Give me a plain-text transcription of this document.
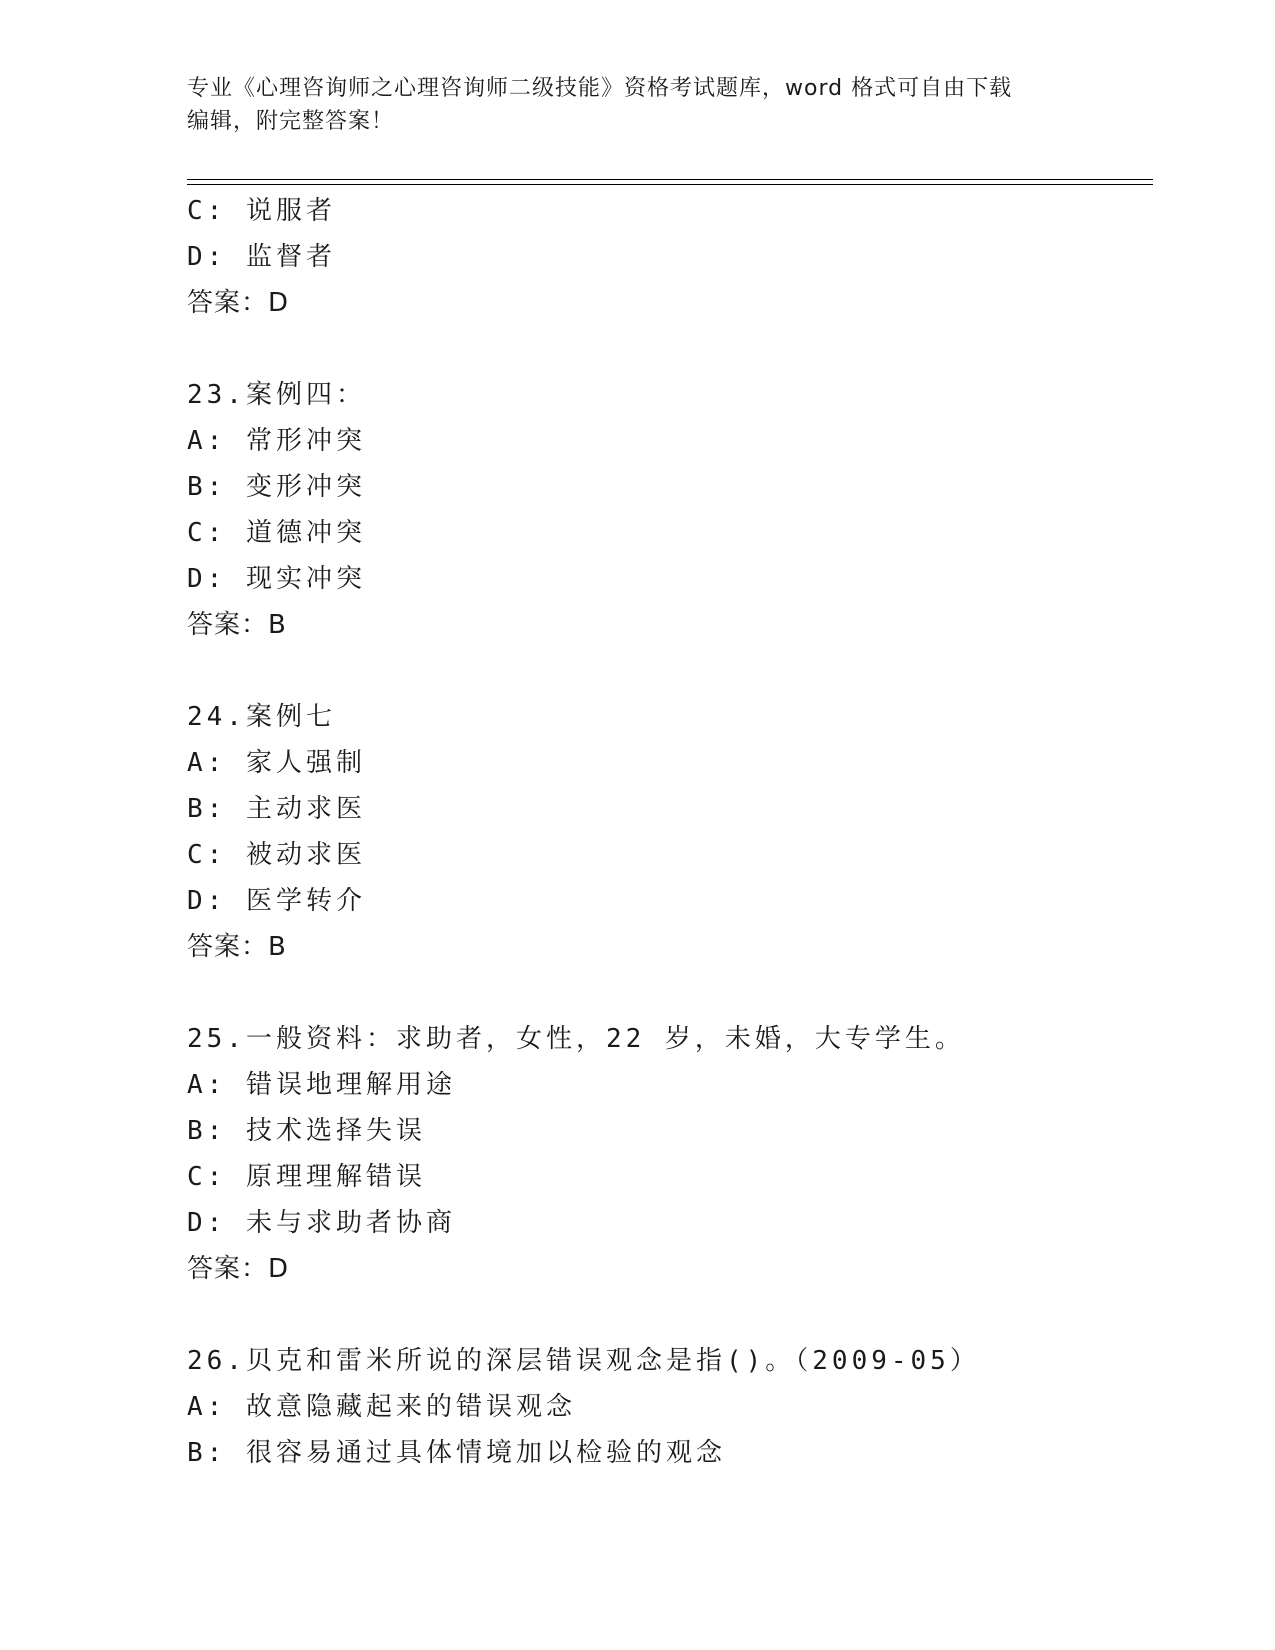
专业《心理咨询师之心理咨询师二级技能》资格考试题库，word 格式可自由下载
编辑，附完整答案！
C: 说服者
D: 监督者
答案：D
23.案例四：
A: 常形冲突
B: 变形冲突
C: 道德冲突
D: 现实冲突
答案：B
24.案例七
A: 家人强制
B: 主动求医
C: 被动求医
D: 医学转介
答案：B
25.一般资料：求助者，女性，22 岁，未婚，大专学生。
A: 错误地理解用途
B: 技术选择失误
C: 原理理解错误
D: 未与求助者协商
答案：D
26.贝克和雷米所说的深层错误观念是指()。（2009-05）
A: 故意隐藏起来的错误观念
B: 很容易通过具体情境加以检验的观念
